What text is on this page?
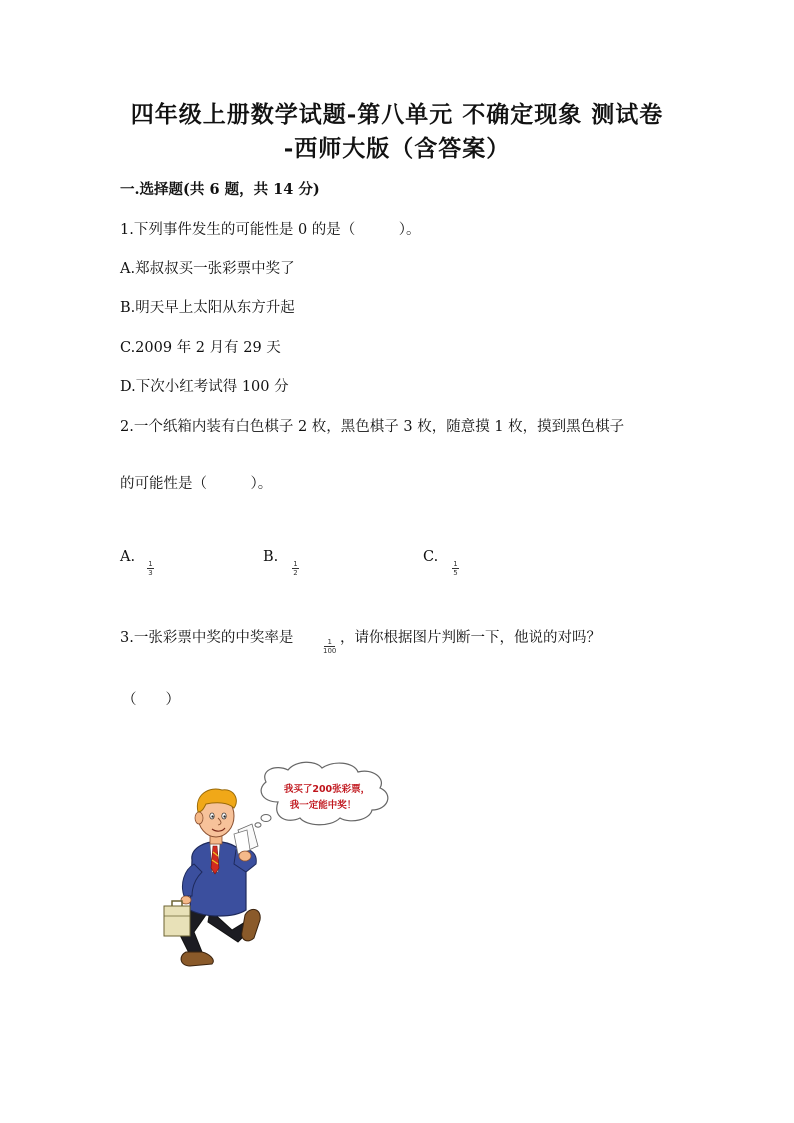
四年级上册数学试题-第八单元 不确定现象 测试卷
-西师大版（含答案）
一.选择题(共 6 题，共 14 分)
1.下列事件发生的可能性是 0 的是（　　　）。
A.郑叔叔买一张彩票中奖了
B.明天早上太阳从东方升起
C.2009 年 2 月有 29 天
D.下次小红考试得 100 分
2.一个纸箱内装有白色棋子 2 枚，黑色棋子 3 枚，随意摸 1 枚，摸到黑色棋子
的可能性是（　　　）。
A. 1
3
B. 1
2
C. 1
5
3.一张彩票中奖的中奖率是	1
100
，请你根据图片判断一下，他说的对吗？
（　　）
我买了200张彩票，
我一定能中奖！
